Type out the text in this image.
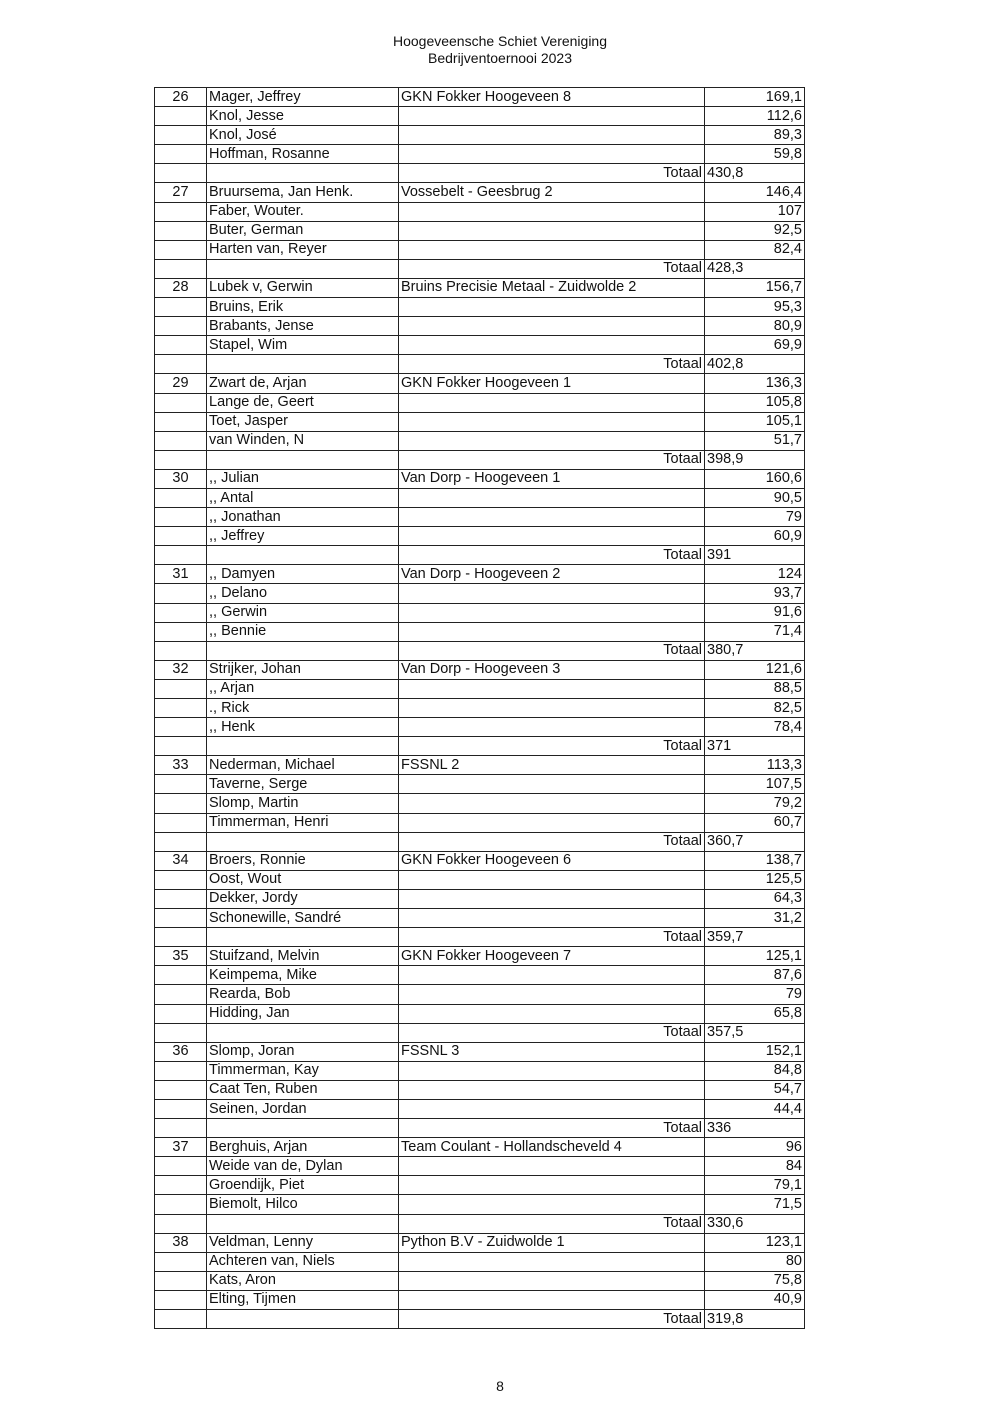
Hoogeveensche Schiet Vereniging
Bedrijventoernooi 2023
26	Mager, Jeffrey	GKN Fokker Hoogeveen 8	169,1
	Knol, Jesse		112,6
	Knol, José		89,3
	Hoffman, Rosanne		59,8
		Totaal	430,8
27	Bruursema, Jan Henk.	Vossebelt - Geesbrug 2	146,4
	Faber, Wouter.		107
	Buter, German		92,5
	Harten van, Reyer		82,4
		Totaal	428,3
28	Lubek v, Gerwin	Bruins Precisie Metaal - Zuidwolde 2	156,7
	Bruins, Erik		95,3
	Brabants, Jense		80,9
	Stapel, Wim		69,9
		Totaal	402,8
29	Zwart de, Arjan	GKN Fokker Hoogeveen 1	136,3
	Lange de, Geert		105,8
	Toet, Jasper		105,1
	van Winden, N		51,7
		Totaal	398,9
30	,, Julian	Van Dorp - Hoogeveen 1	160,6
	,, Antal		90,5
	,, Jonathan		79
	,, Jeffrey		60,9
		Totaal	391
31	,, Damyen	Van Dorp - Hoogeveen 2	124
	,, Delano		93,7
	,, Gerwin		91,6
	,, Bennie		71,4
		Totaal	380,7
32	Strijker, Johan	Van Dorp - Hoogeveen 3	121,6
	,, Arjan		88,5
	., Rick		82,5
	,, Henk		78,4
		Totaal	371
33	Nederman, Michael	FSSNL 2	113,3
	Taverne, Serge		107,5
	Slomp, Martin		79,2
	Timmerman, Henri		60,7
		Totaal	360,7
34	Broers, Ronnie	GKN Fokker Hoogeveen 6	138,7
	Oost, Wout		125,5
	Dekker, Jordy		64,3
	Schonewille, Sandré		31,2
		Totaal	359,7
35	Stuifzand, Melvin	GKN Fokker Hoogeveen 7	125,1
	Keimpema, Mike		87,6
	Rearda, Bob		79
	Hidding, Jan		65,8
		Totaal	357,5
36	Slomp, Joran	FSSNL 3	152,1
	Timmerman, Kay		84,8
	Caat Ten, Ruben		54,7
	Seinen, Jordan		44,4
		Totaal	336
37	Berghuis, Arjan	Team Coulant - Hollandscheveld 4	96
	Weide van de, Dylan		84
	Groendijk, Piet		79,1
	Biemolt, Hilco		71,5
		Totaal	330,6
38	Veldman, Lenny	Python B.V - Zuidwolde 1	123,1
	Achteren van, Niels		80
	Kats, Aron		75,8
	Elting, Tijmen		40,9
		Totaal	319,8
8
